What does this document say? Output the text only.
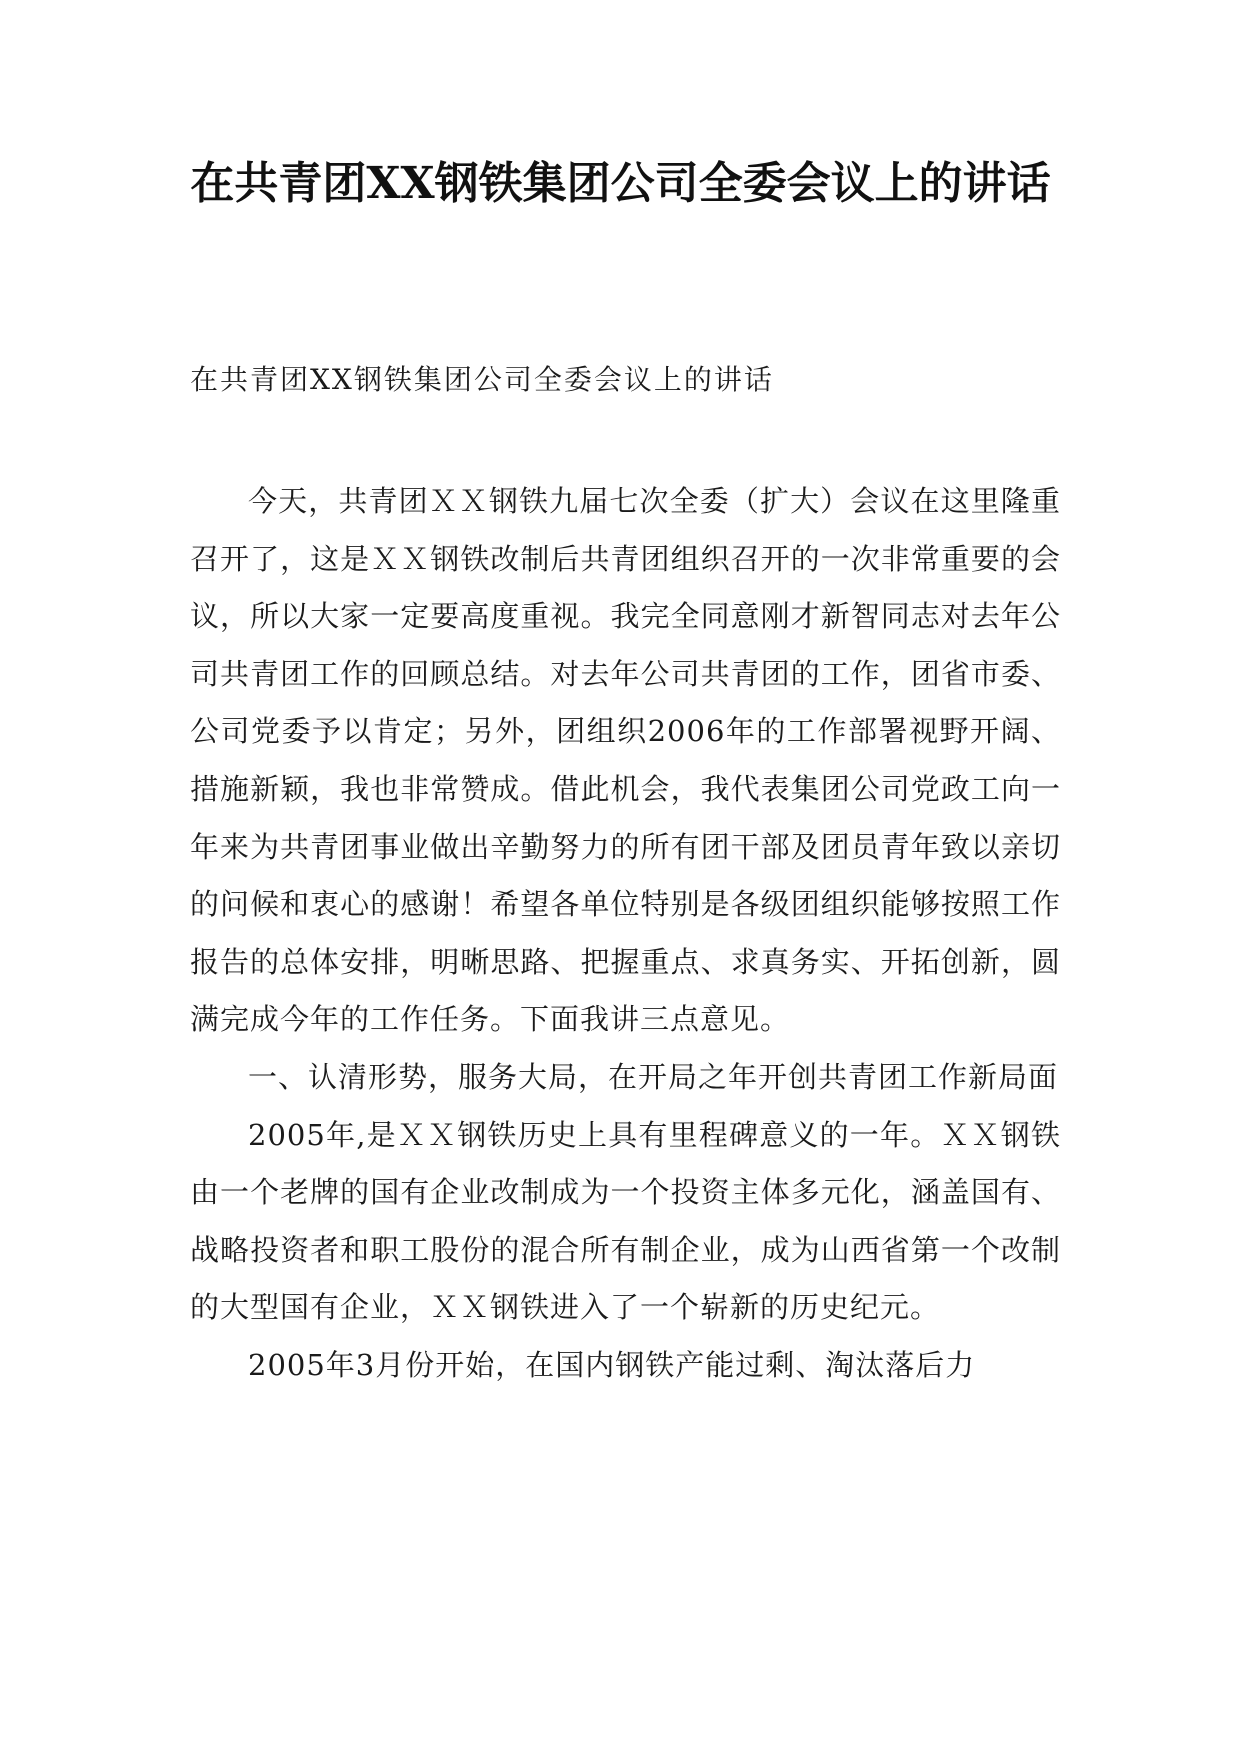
在共青团XX钢铁集团公司全委会议上的讲话

在共青团XX钢铁集团公司全委会议上的讲话

今天，共青团ＸＸ钢铁九届七次全委（扩大）会议在这里隆重召开了，这是ＸＸ钢铁改制后共青团组织召开的一次非常重要的会议，所以大家一定要高度重视。我完全同意刚才新智同志对去年公司共青团工作的回顾总结。对去年公司共青团的工作，团省市委、公司党委予以肯定；另外，团组织2006年的工作部署视野开阔、措施新颖，我也非常赞成。借此机会，我代表集团公司党政工向一年来为共青团事业做出辛勤努力的所有团干部及团员青年致以亲切的问候和衷心的感谢！希望各单位特别是各级团组织能够按照工作报告的总体安排，明晰思路、把握重点、求真务实、开拓创新，圆满完成今年的工作任务。下面我讲三点意见。

一、认清形势，服务大局，在开局之年开创共青团工作新局面

2005年,是ＸＸ钢铁历史上具有里程碑意义的一年。ＸＸ钢铁由一个老牌的国有企业改制成为一个投资主体多元化，涵盖国有、战略投资者和职工股份的混合所有制企业，成为山西省第一个改制的大型国有企业，ＸＸ钢铁进入了一个崭新的历史纪元。

2005年3月份开始，在国内钢铁产能过剩、淘汰落后力
